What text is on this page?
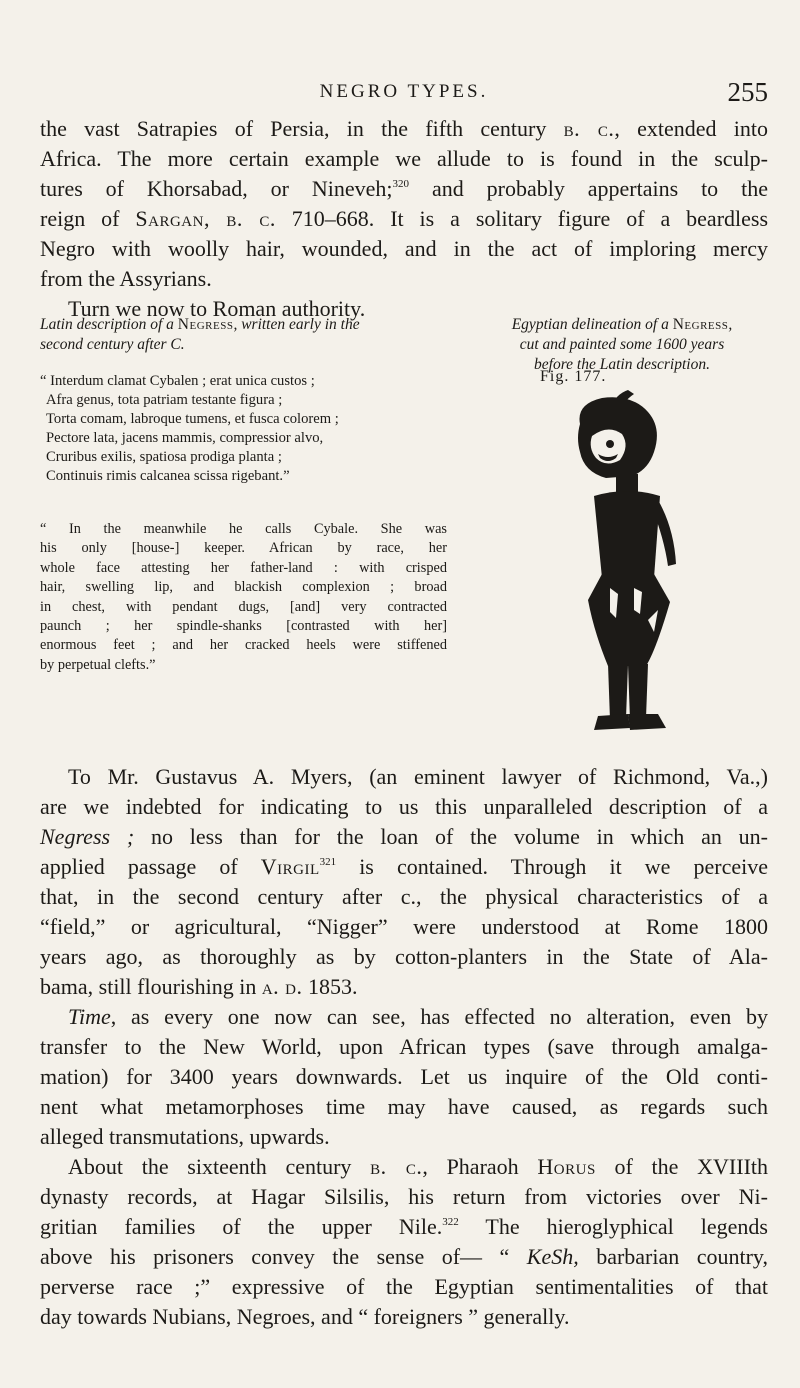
NEGRO TYPES.	255
the vast Satrapies of Persia, in the fifth century b. c., extended into
Africa. The more certain example we allude to is found in the sculp-
tures of Khorsabad, or Nineveh;$^{320}$ and probably appertains to the
reign of Sargan, b. c. 710–668. It is a solitary figure of a beardless
Negro with woolly hair, wounded, and in the act of imploring mercy
from the Assyrians.
Turn we now to Roman authority.
Latin description of a Negress, written early in the
second century after C.
Egyptian delineation of a Negress,
cut and painted some 1600 years
before the Latin description.
“ Interdum clamat Cybalen ; erat unica custos ;
Afra genus, tota patriam testante figura ;
Torta comam, labroque tumens, et fusca colorem ;
Pectore lata, jacens mammis, compressior alvo,
Cruribus exilis, spatiosa prodiga planta ;
Continuis rimis calcanea scissa rigebant.”
“ In the meanwhile he calls Cybale. She was
his only [house-] keeper. African by race, her
whole face attesting her father-land : with crisped
hair, swelling lip, and blackish complexion ; broad
in chest, with pendant dugs, [and] very contracted
paunch ; her spindle-shanks [contrasted with her]
enormous feet ; and her cracked heels were stiffened
by perpetual clefts.”
Fig. 177.
To Mr. Gustavus A. Myers, (an eminent lawyer of Richmond, Va.,)
are we indebted for indicating to us this unparalleled description of a
Negress ; no less than for the loan of the volume in which an un-
applied passage of Virgil$^{321}$ is contained. Through it we perceive
that, in the second century after c., the physical characteristics of a
“field,” or agricultural, “Nigger” were understood at Rome 1800
years ago, as thoroughly as by cotton-planters in the State of Ala-
bama, still flourishing in a. d. 1853.
Time, as every one now can see, has effected no alteration, even by
transfer to the New World, upon African types (save through amalga-
mation) for 3400 years downwards. Let us inquire of the Old conti-
nent what metamorphoses time may have caused, as regards such
alleged transmutations, upwards.
About the sixteenth century b. c., Pharaoh Horus of the XVIIIth
dynasty records, at Hagar Silsilis, his return from victories over Ni-
gritian families of the upper Nile.$^{322}$ The hieroglyphical legends
above his prisoners convey the sense of— “ KeSh, barbarian country,
perverse race ;” expressive of the Egyptian sentimentalities of that
day towards Nubians, Negroes, and “ foreigners ” generally.
